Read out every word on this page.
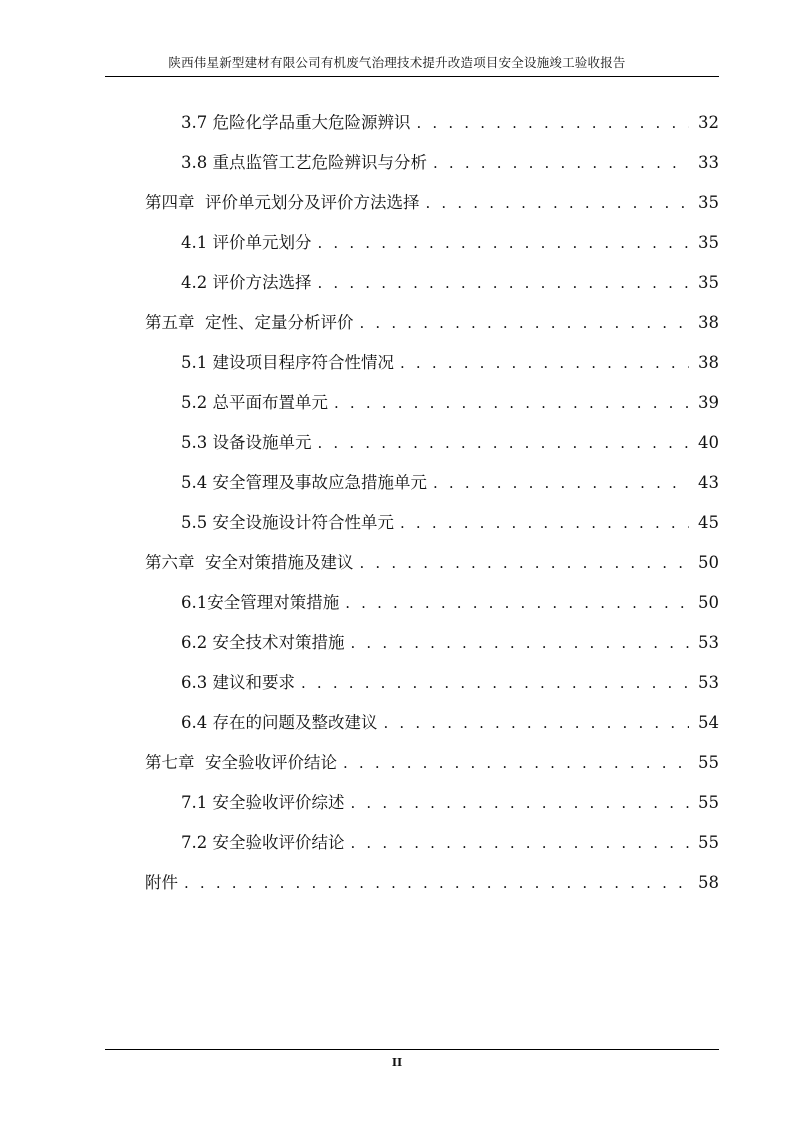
陕西伟星新型建材有限公司有机废气治理技术提升改造项目安全设施竣工验收报告
3.7 危险化学品重大危险源辨识 . . .	32
3.8 重点监管工艺危险辨识与分析 . . .	33
第四章  评价单元划分及评价方法选择 . . .	35
4.1 评价单元划分 . . .	35
4.2 评价方法选择 . . .	35
第五章  定性、定量分析评价 . . .	38
5.1 建设项目程序符合性情况 . . .	38
5.2 总平面布置单元 . . .	39
5.3 设备设施单元 . . .	40
5.4 安全管理及事故应急措施单元 . . .	43
5.5 安全设施设计符合性单元 . . .	45
第六章  安全对策措施及建议 . . .	50
6.1安全管理对策措施 . . .	50
6.2 安全技术对策措施 . . .	53
6.3 建议和要求 . . .	53
6.4 存在的问题及整改建议 . . .	54
第七章  安全验收评价结论 . . .	55
7.1 安全验收评价综述 . . .	55
7.2 安全验收评价结论 . . .	55
附件 . . .	58
II
